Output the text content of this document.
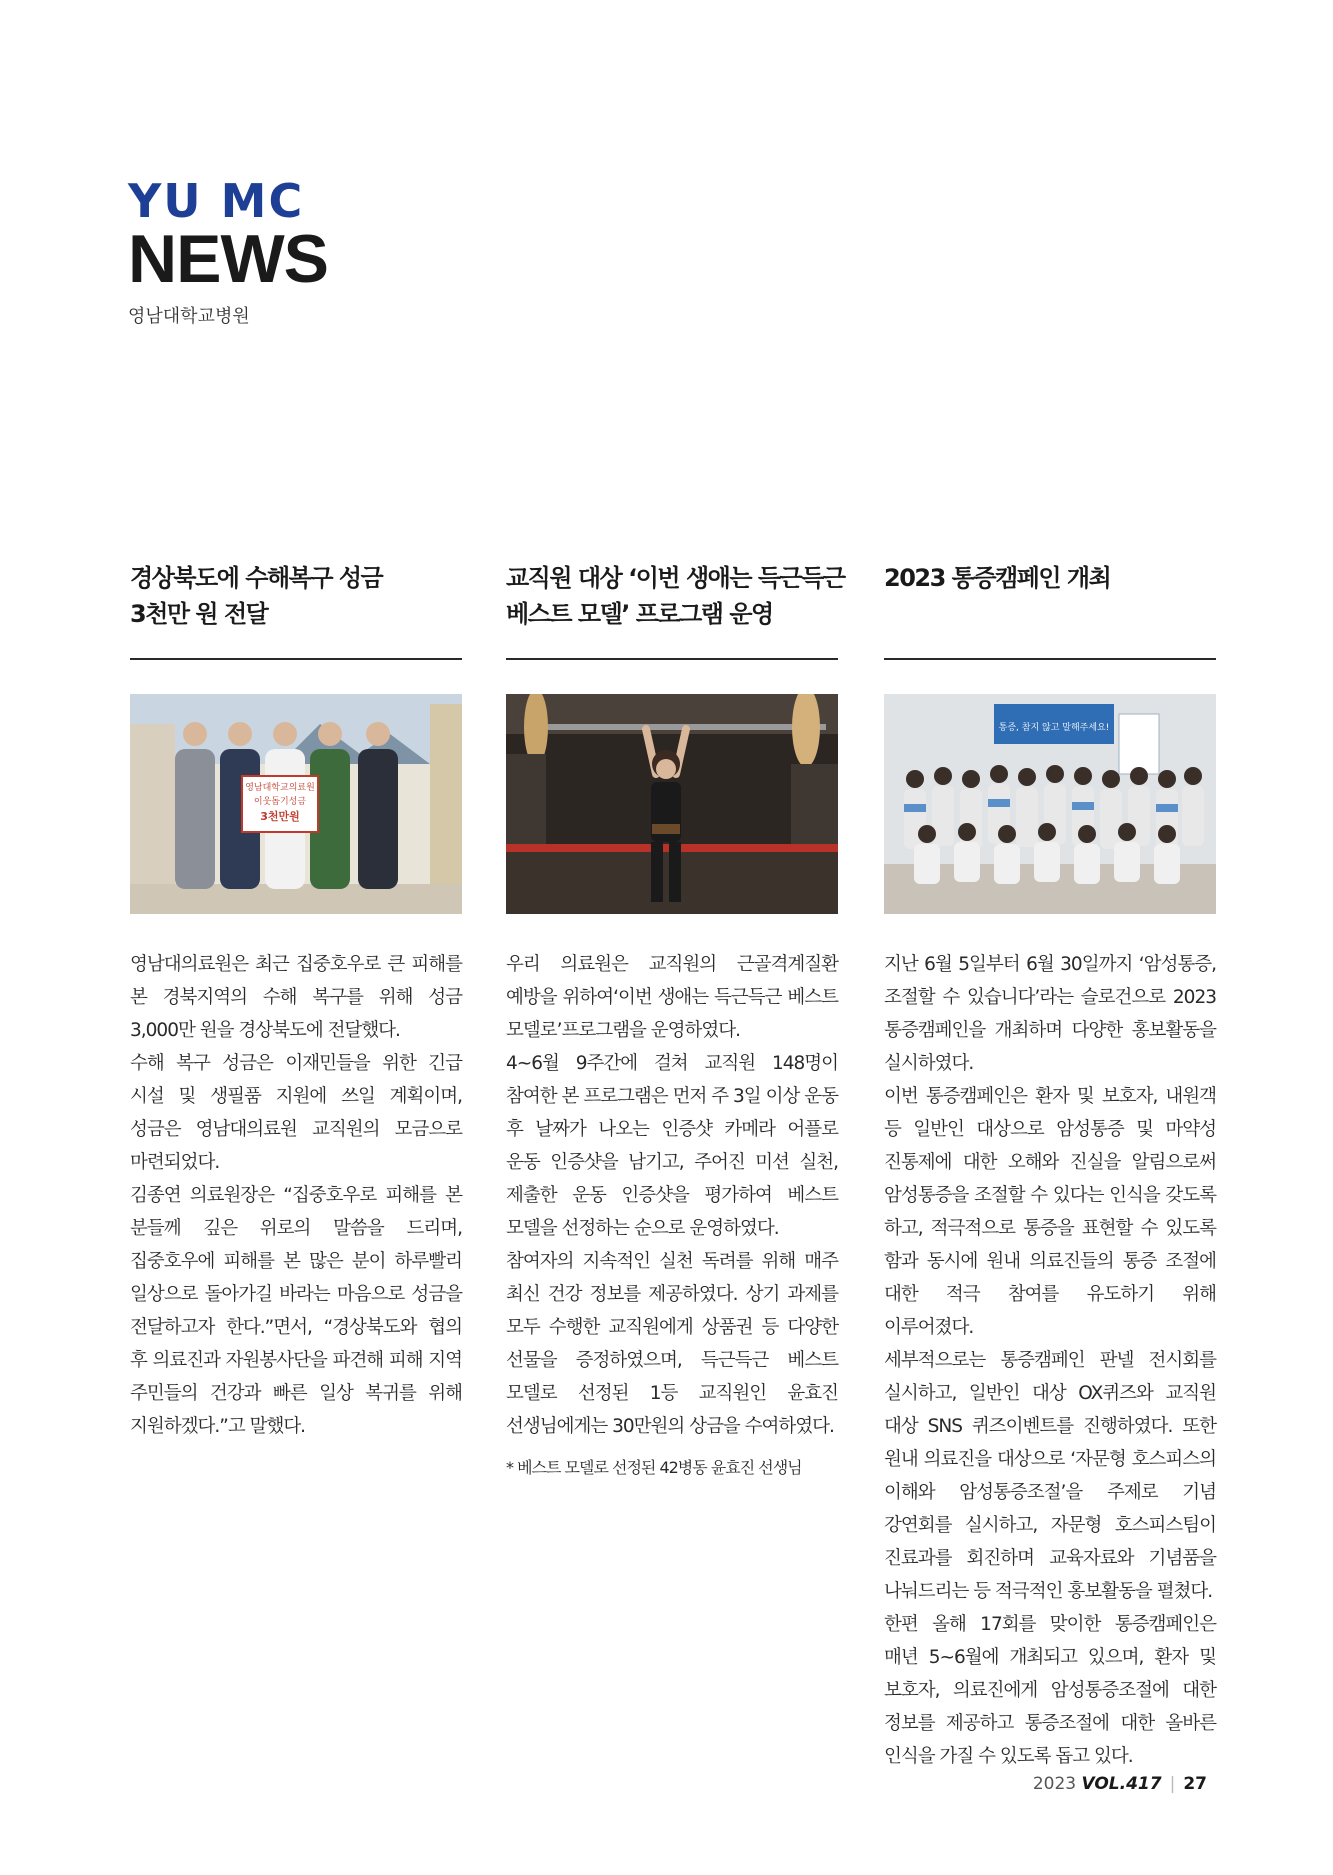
YU MC
NEWS
영남대학교병원
경상북도에 수해복구 성금
3천만 원 전달
영남대학교의료원
이웃돕기성금
3천만원

영남대의료원은 최근 집중호우로 큰 피해를 본 경북지역의 수해 복구를 위해 성금 3,000만 원을 경상북도에 전달했다.

수해 복구 성금은 이재민들을 위한 긴급 시설 및 생필품 지원에 쓰일 계획이며, 성금은 영남대의료원 교직원의 모금으로 마련되었다.

김종연 의료원장은 “집중호우로 피해를 본 분들께 깊은 위로의 말씀을 드리며, 집중호우에 피해를 본 많은 분이 하루빨리 일상으로 돌아가길 바라는 마음으로 성금을 전달하고자 한다.”면서, “경상북도와 협의 후 의료진과 자원봉사단을 파견해 피해 지역 주민들의 건강과 빠른 일상 복귀를 위해 지원하겠다.”고 말했다.

교직원 대상 ‘이번 생애는 득근득근
베스트 모델’ 프로그램 운영

우리 의료원은 교직원의 근골격계질환 예방을 위하여‘이번 생애는 득근득근 베스트 모델로’프로그램을 운영하였다.

4~6월 9주간에 걸쳐 교직원 148명이 참여한 본 프로그램은 먼저 주 3일 이상 운동 후 날짜가 나오는 인증샷 카메라 어플로 운동 인증샷을 남기고, 주어진 미션 실천, 제출한 운동 인증샷을 평가하여 베스트 모델을 선정하는 순으로 운영하였다.

참여자의 지속적인 실천 독려를 위해 매주 최신 건강 정보를 제공하였다. 상기 과제를 모두 수행한 교직원에게 상품권 등 다양한 선물을 증정하였으며, 득근득근 베스트 모델로 선정된 1등 교직원인 윤효진 선생님에게는 30만원의 상금을 수여하였다.

* 베스트 모델로 선정된 42병동 윤효진 선생님
2023 통증캠페인 개최
통증, 참지 않고 말해주세요!

지난 6월 5일부터 6월 30일까지 ‘암성통증, 조절할 수 있습니다’라는 슬로건으로 2023 통증캠페인을 개최하며 다양한 홍보활동을 실시하였다.

이번 통증캠페인은 환자 및 보호자, 내원객 등 일반인 대상으로 암성통증 및 마약성 진통제에 대한 오해와 진실을 알림으로써 암성통증을 조절할 수 있다는 인식을 갖도록 하고, 적극적으로 통증을 표현할 수 있도록 함과 동시에 원내 의료진들의 통증 조절에 대한 적극 참여를 유도하기 위해 이루어졌다.

세부적으로는 통증캠페인 판넬 전시회를 실시하고, 일반인 대상 OX퀴즈와 교직원 대상 SNS 퀴즈이벤트를 진행하였다. 또한 원내 의료진을 대상으로 ‘자문형 호스피스의 이해와 암성통증조절’을 주제로 기념 강연회를 실시하고, 자문형 호스피스팀이 진료과를 회진하며 교육자료와 기념품을 나눠드리는 등 적극적인 홍보활동을 펼쳤다.

한편 올해 17회를 맞이한 통증캠페인은 매년 5~6월에 개최되고 있으며, 환자 및 보호자, 의료진에게 암성통증조절에 대한 정보를 제공하고 통증조절에 대한 올바른 인식을 가질 수 있도록 돕고 있다.

2023 VOL.417 | 27
